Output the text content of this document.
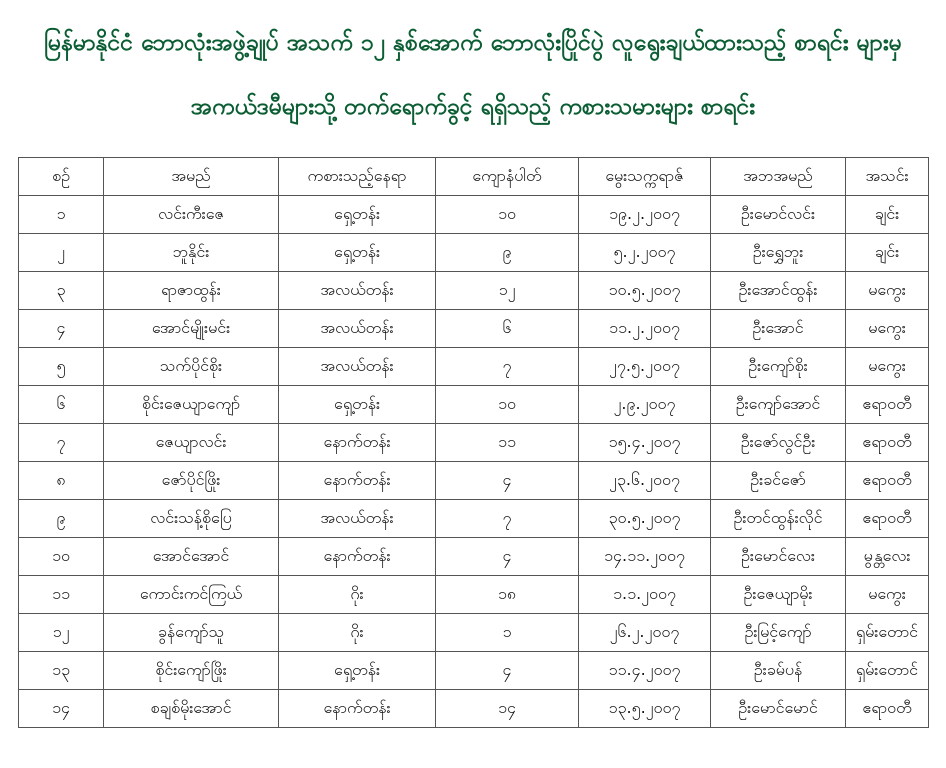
မြန်မာနိုင်ငံ ဘောလုံးအဖွဲ့ချုပ် အသက် ၁၂ နှစ်အောက် ဘောလုံးပြိုင်ပွဲ လူရွေးချယ်ထားသည့် စာရင်း များမှ
အကယ်ဒမီများသို့ တက်ရောက်ခွင့် ရရှိသည့် ကစားသမားများ စာရင်း
စဉ်	အမည်	ကစားသည့်နေရာ	ကျောနံပါတ်	မွေးသက္ကရာဇ်	အဘအမည်	အသင်း
၁	လင်းကီးဇေ	ရှေ့တန်း	၁၀	၁၉.၂.၂၀၀၇	ဦးမောင်လင်း	ချင်း
၂	ဘူနိုင်း	ရှေ့တန်း	၉	၅.၂.၂၀၀၇	ဦးရွှေဘူး	ချင်း
၃	ရာဇာထွန်း	အလယ်တန်း	၁၂	၁၀.၅.၂၀၀၇	ဦးအောင်ထွန်း	မကွေး
၄	အောင်မျိုးမင်း	အလယ်တန်း	၆	၁၁.၂.၂၀၀၇	ဦးအောင်	မကွေး
၅	သက်ပိုင်စိုး	အလယ်တန်း	၇	၂၇.၅.၂၀၀၇	ဦးကျော်စိုး	မကွေး
၆	စိုင်းဇေယျာကျော်	ရှေ့တန်း	၁၀	၂.၉.၂၀၀၇	ဦးကျော်အောင်	ဧရာဝတီ
၇	ဇေယျာလင်း	နောက်တန်း	၁၁	၁၅.၄.၂၀၀၇	ဦးဇော်လွင်ဦး	ဧရာဝတီ
၈	ဇော်ပိုင်ဖြိုး	နောက်တန်း	၄	၂၃.၆.၂၀၀၇	ဦးခင်ဇော်	ဧရာဝတီ
၉	လင်းသန့်စိုပြေ	အလယ်တန်း	၇	၃၀.၅.၂၀၀၇	ဦးတင်ထွန်းလိုင်	ဧရာဝတီ
၁၀	အောင်အောင်	နောက်တန်း	၄	၁၄.၁၁.၂၀၀၇	ဦးမောင်လေး	မွန္တလေး
၁၁	ကောင်းကင်ကြယ်	ဂိုး	၁၈	၁.၁.၂၀၀၇	ဦးဇေယျာမိုး	မကွေး
၁၂	ခွန်ကျော်သူ	ဂိုး	၁	၂၆.၂.၂၀၀၇	ဦးမြင့်ကျော်	ရှမ်းတောင်
၁၃	စိုင်းကျော်ဖြိုး	ရှေ့တန်း	၄	၁၁.၄.၂၀၀၇	ဦးခမ်ပန်	ရှမ်းတောင်
၁၄	စချစ်မိုးအောင်	နောက်တန်း	၁၄	၁၃.၅.၂၀၀၇	ဦးမောင်မောင်	ဧရာဝတီ
